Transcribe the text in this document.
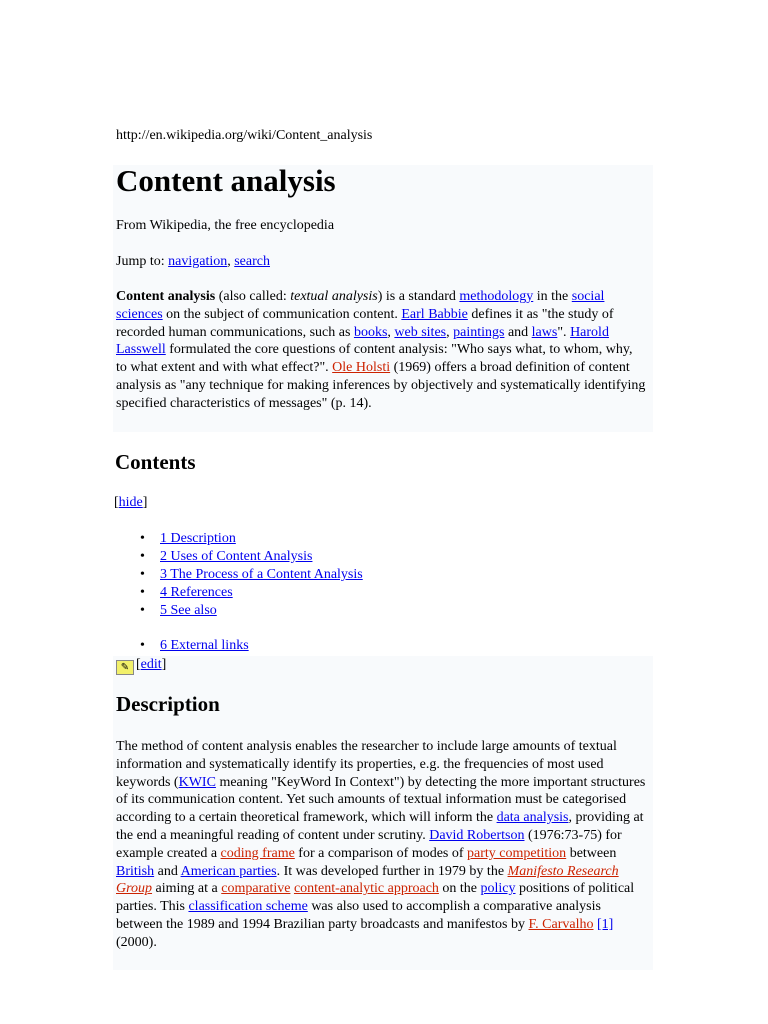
http://en.wikipedia.org/wiki/Content_analysis
Content analysis
From Wikipedia, the free encyclopedia
Jump to: navigation, search

Content analysis (also called: textual analysis) is a standard methodology in the social sciences on the subject of communication content. Earl Babbie defines it as "the study of recorded human communications, such as books, web sites, paintings and laws". Harold Lasswell formulated the core questions of content analysis: "Who says what, to whom, why, to what extent and with what effect?". Ole Holsti (1969) offers a broad definition of content analysis as "any technique for making inferences by objectively and systematically identifying specified characteristics of messages" (p. 14).

Contents
[hide]
• 1 Description
• 2 Uses of Content Analysis
• 3 The Process of a Content Analysis
• 4 References
• 5 See also
• 6 External links
✎ [edit]
Description

The method of content analysis enables the researcher to include large amounts of textual information and systematically identify its properties, e.g. the frequencies of most used keywords (KWIC meaning "KeyWord In Context") by detecting the more important structures of its communication content. Yet such amounts of textual information must be categorised according to a certain theoretical framework, which will inform the data analysis, providing at the end a meaningful reading of content under scrutiny. David Robertson (1976:73-75) for example created a coding frame for a comparison of modes of party competition between British and American parties. It was developed further in 1979 by the Manifesto Research Group aiming at a comparative content-analytic approach on the policy positions of political parties. This classification scheme was also used to accomplish a comparative analysis between the 1989 and 1994 Brazilian party broadcasts and manifestos by F. Carvalho [1] (2000).
